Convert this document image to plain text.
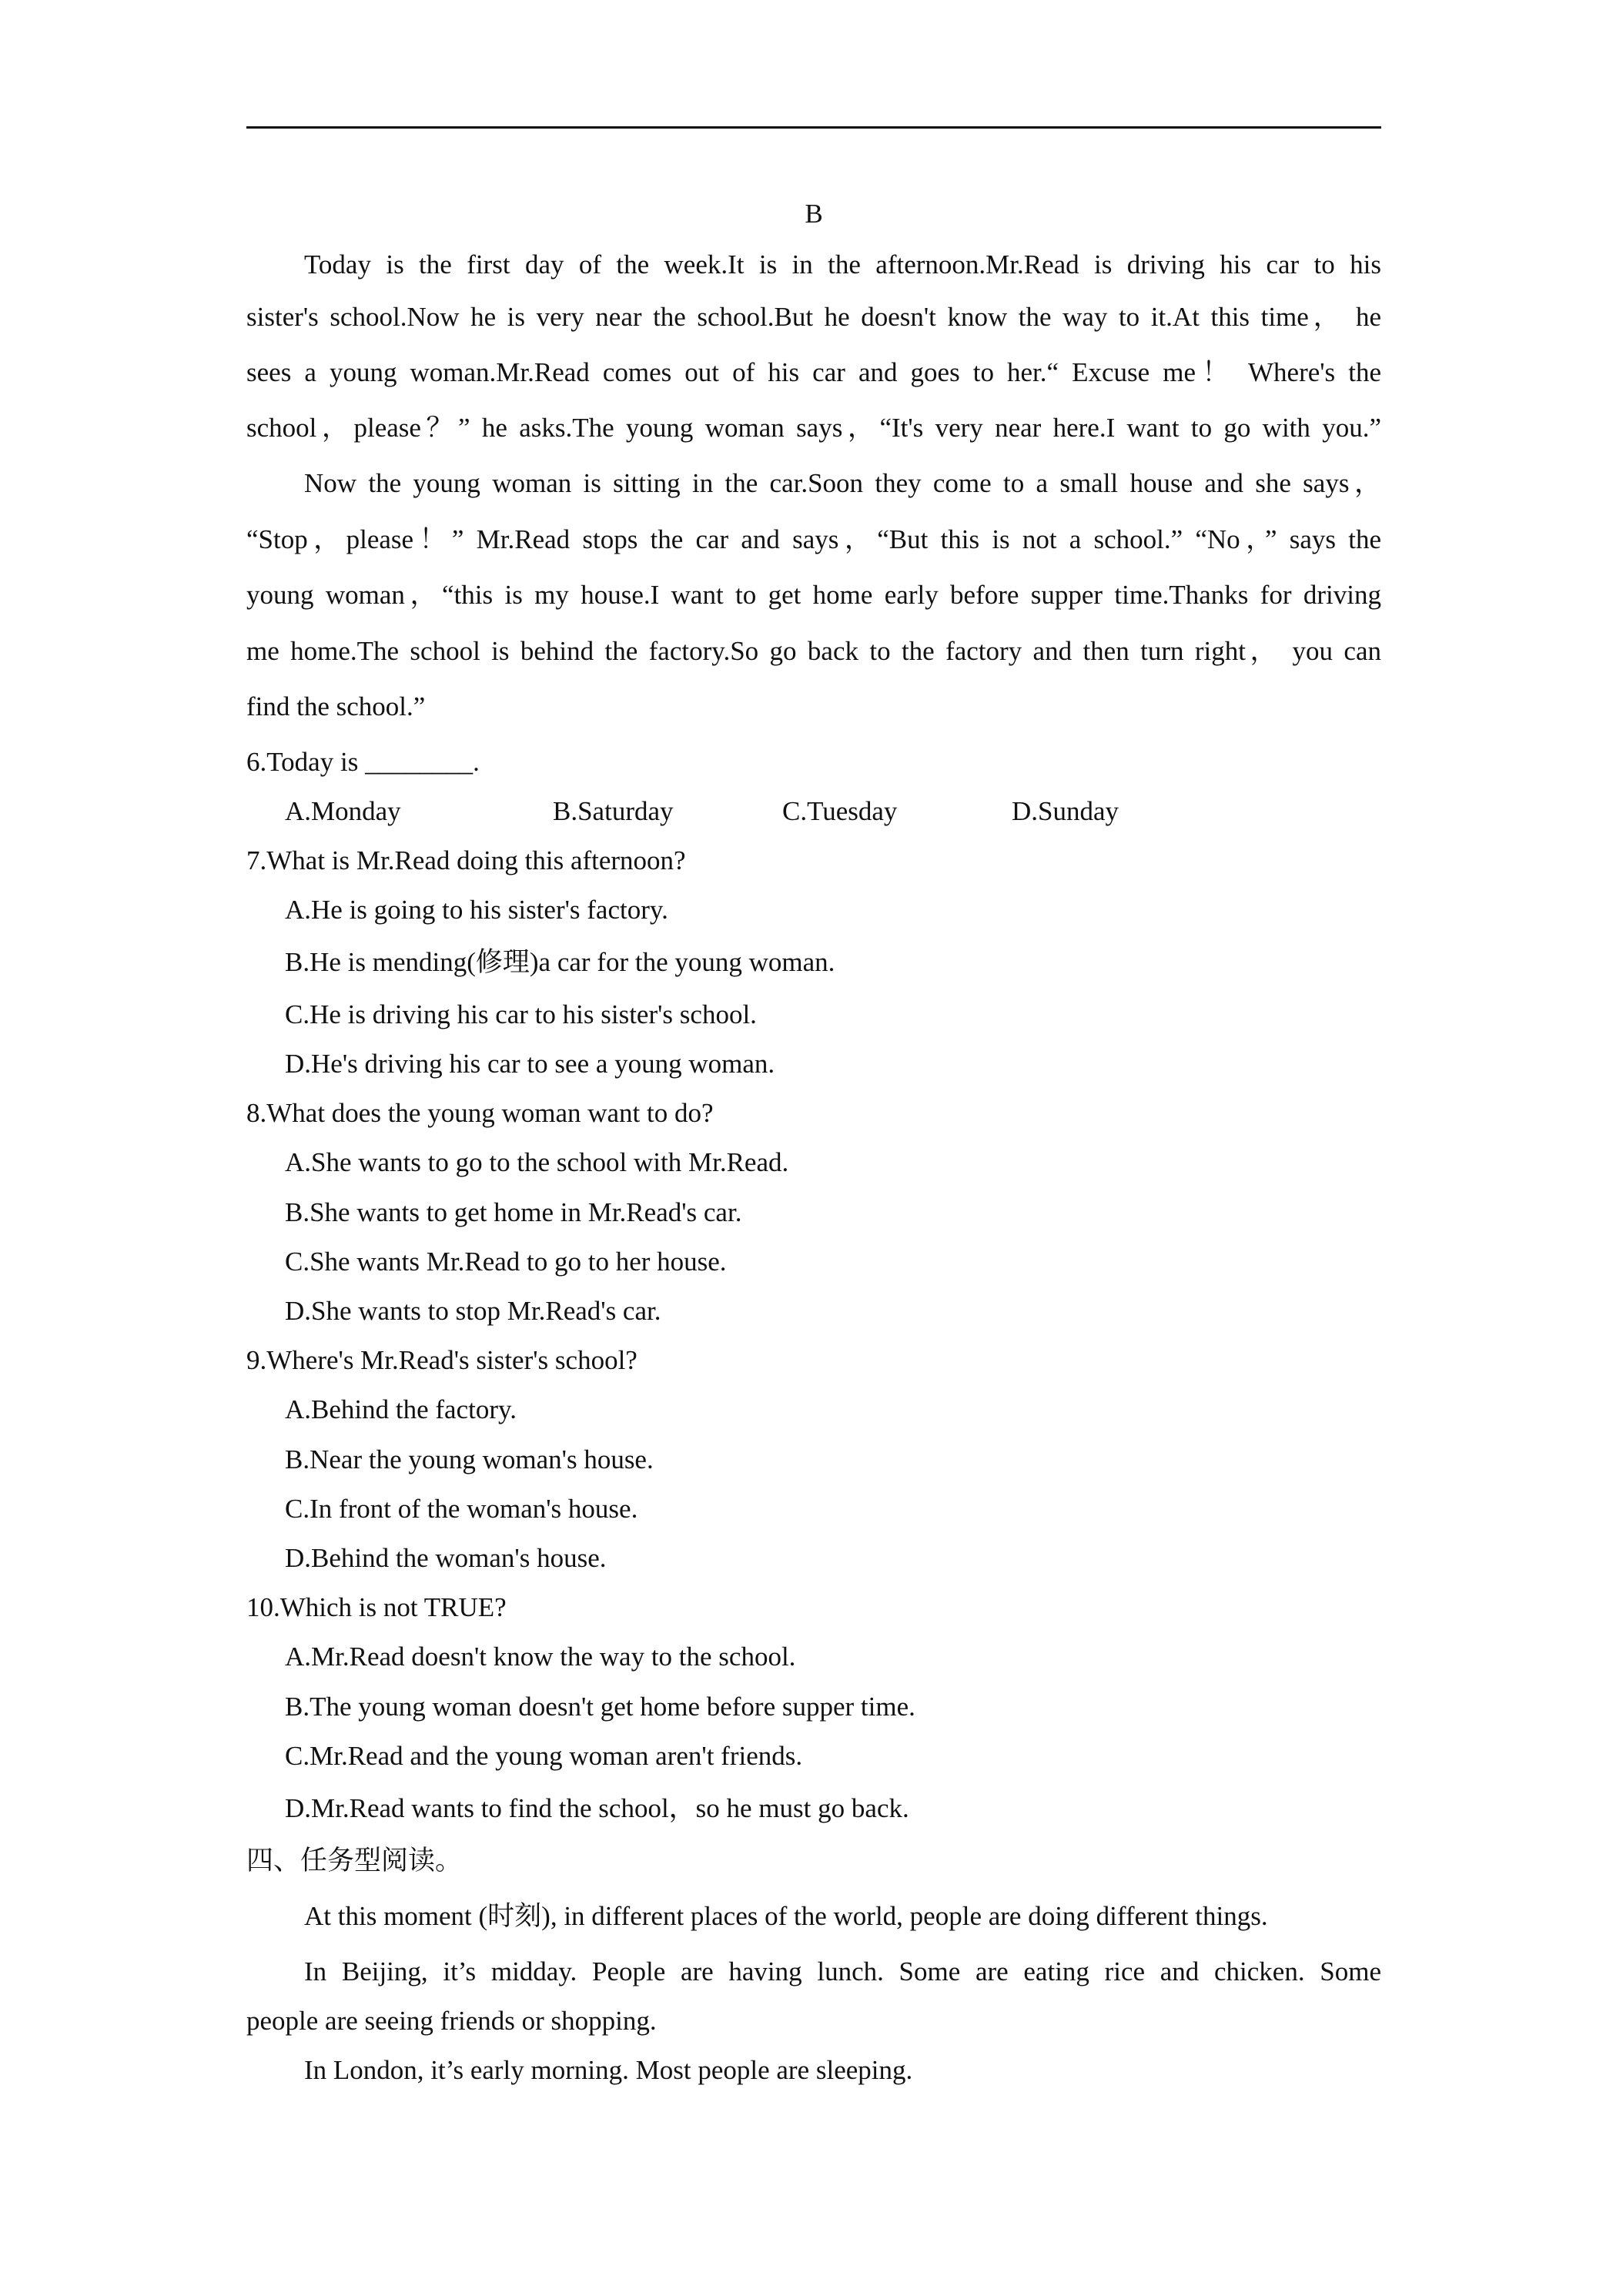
B
Today is the first day of the week.It is in the afternoon.Mr.Read is driving his car to his
sister's school.Now he is very near the school.But he doesn't know the way to it.At this time， he
sees a young woman.Mr.Read comes out of his car and goes to her.“ Excuse me！ Where's the
school，please？” he asks.The young woman says，“It's very near here.I want to go with you.”
Now the young woman is sitting in the car.Soon they come to a small house and she says，
“Stop，please！” Mr.Read stops the car and says，“But this is not a school.” “No，” says the
young woman，“this is my house.I want to get home early before supper time.Thanks for driving
me home.The school is behind the factory.So go back to the factory and then turn right， you can
find the school.”
6.Today is ________.
A.Monday	B.Saturday	C.Tuesday	D.Sunday
7.What is Mr.Read doing this afternoon?
A.He is going to his sister's factory.
B.He is mending(修理)a car for the young woman.
C.He is driving his car to his sister's school.
D.He's driving his car to see a young woman.
8.What does the young woman want to do?
A.She wants to go to the school with Mr.Read.
B.She wants to get home in Mr.Read's car.
C.She wants Mr.Read to go to her house.
D.She wants to stop Mr.Read's car.
9.Where's Mr.Read's sister's school?
A.Behind the factory.
B.Near the young woman's house.
C.In front of the woman's house.
D.Behind the woman's house.
10.Which is not TRUE?
A.Mr.Read doesn't know the way to the school.
B.The young woman doesn't get home before supper time.
C.Mr.Read and the young woman aren't friends.
D.Mr.Read wants to find the school，so he must go back.
四、任务型阅读。
At this moment (时刻), in different places of the world, people are doing different things.
In Beijing, it’s midday. People are having lunch. Some are eating rice and chicken. Some
people are seeing friends or shopping.
In London, it’s early morning. Most people are sleeping.
